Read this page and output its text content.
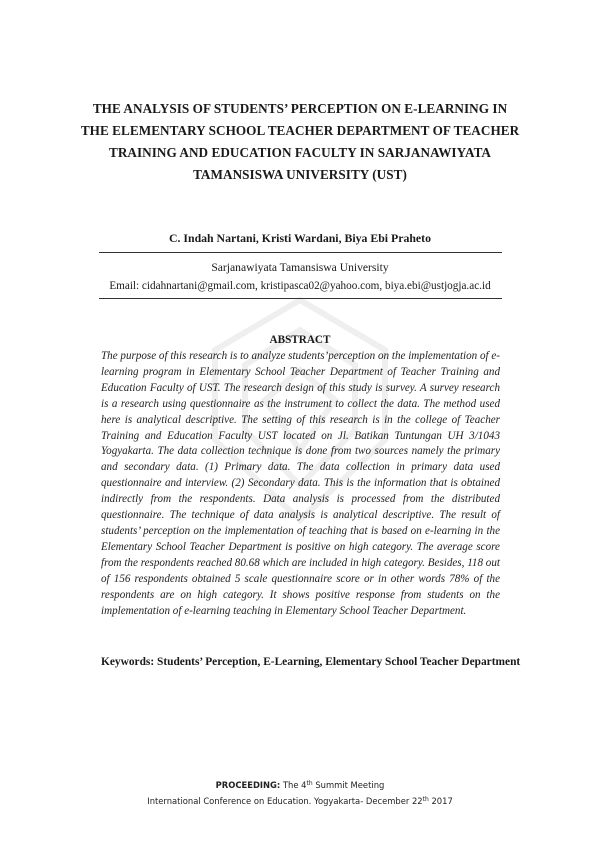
THE ANALYSIS OF STUDENTS’ PERCEPTION ON E-LEARNING IN
THE ELEMENTARY SCHOOL TEACHER DEPARTMENT OF TEACHER
TRAINING AND EDUCATION FACULTY IN SARJANAWIYATA
TAMANSISWA UNIVERSITY (UST)
C. Indah Nartani, Kristi Wardani, Biya Ebi Praheto
Sarjanawiyata Tamansiswa University
Email: cidahnartani@gmail.com, kristipasca02@yahoo.com, biya.ebi@ustjogja.ac.id
ABSTRACT
The purpose of this research is to analyze students’perception on the implementation of e-learning program in Elementary School Teacher Department of Teacher Training and Education Faculty of UST. The research design of this study is survey. A survey research is a research using questionnaire as the instrument to collect the data. The method used here is analytical descriptive. The setting of this research is in the college of Teacher Training and Education Faculty UST located on Jl. Batikan Tuntungan UH 3/1043 Yogyakarta. The data collection technique is done from two sources namely the primary and secondary data. (1) Primary data. The data collection in primary data used questionnaire and interview. (2) Secondary data. This is the information that is obtained indirectly from the respondents. Data analysis is processed from the distributed questionnaire. The technique of data analysis is analytical descriptive. The result of students’ perception on the implementation of teaching that is based on e-learning in the Elementary School Teacher Department is positive on high category. The average score from the respondents reached 80.68 which are included in high category. Besides, 118 out of 156 respondents obtained 5 scale questionnaire score or in other words 78% of the respondents are on high category. It shows positive response from students on the implementation of e-learning teaching in Elementary School Teacher Department.
Keywords: Students’ Perception, E-Learning, Elementary School Teacher Department
PROCEEDING: The 4th Summit Meeting
International Conference on Education. Yogyakarta- December 22th 2017
